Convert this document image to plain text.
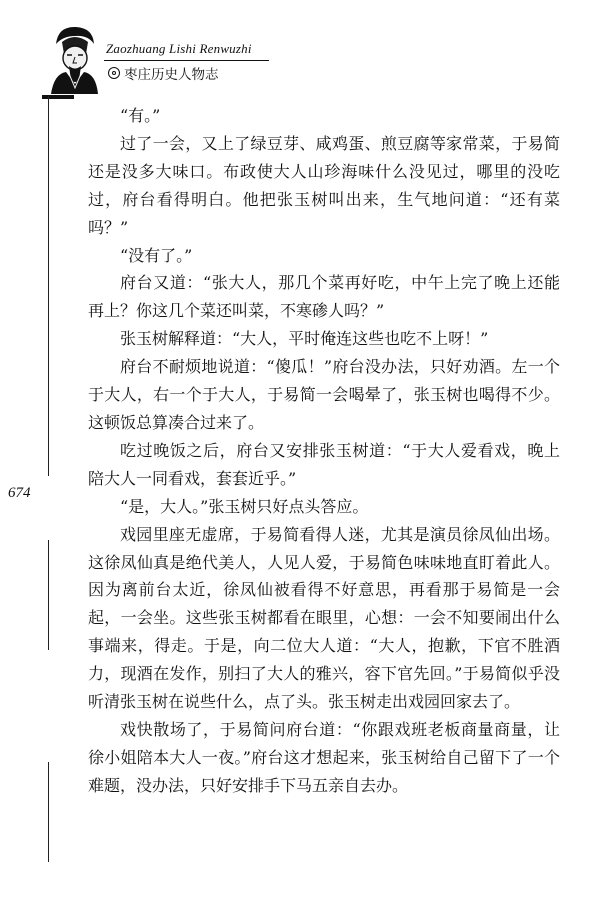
Zaozhuang Lishi Renwuzhi
枣庄历史人物志
674

“有。”

过了一会，又上了绿豆芽、咸鸡蛋、煎豆腐等家常菜，于易简还是没多大味口。布政使大人山珍海味什么没见过，哪里的没吃过，府台看得明白。他把张玉树叫出来，生气地问道：“还有菜吗？”

“没有了。”

府台又道：“张大人，那几个菜再好吃，中午上完了晚上还能再上？你这几个菜还叫菜，不寒碜人吗？”

张玉树解释道：“大人，平时俺连这些也吃不上呀！”

府台不耐烦地说道：“傻瓜！”府台没办法，只好劝酒。左一个于大人，右一个于大人，于易简一会喝晕了，张玉树也喝得不少。这顿饭总算凑合过来了。

吃过晚饭之后，府台又安排张玉树道：“于大人爱看戏，晚上陪大人一同看戏，套套近乎。”

“是，大人。”张玉树只好点头答应。

戏园里座无虚席，于易简看得人迷，尤其是演员徐凤仙出场。这徐凤仙真是绝代美人，人见人爱，于易简色味味地直盯着此人。因为离前台太近，徐凤仙被看得不好意思，再看那于易简是一会起，一会坐。这些张玉树都看在眼里，心想：一会不知要闹出什么事端来，得走。于是，向二位大人道：“大人，抱歉，下官不胜酒力，现酒在发作，别扫了大人的雅兴，容下官先回。”于易简似乎没听清张玉树在说些什么，点了头。张玉树走出戏园回家去了。

戏快散场了，于易简问府台道：“你跟戏班老板商量商量，让徐小姐陪本大人一夜。”府台这才想起来，张玉树给自己留下了一个难题，没办法，只好安排手下马五亲自去办。
